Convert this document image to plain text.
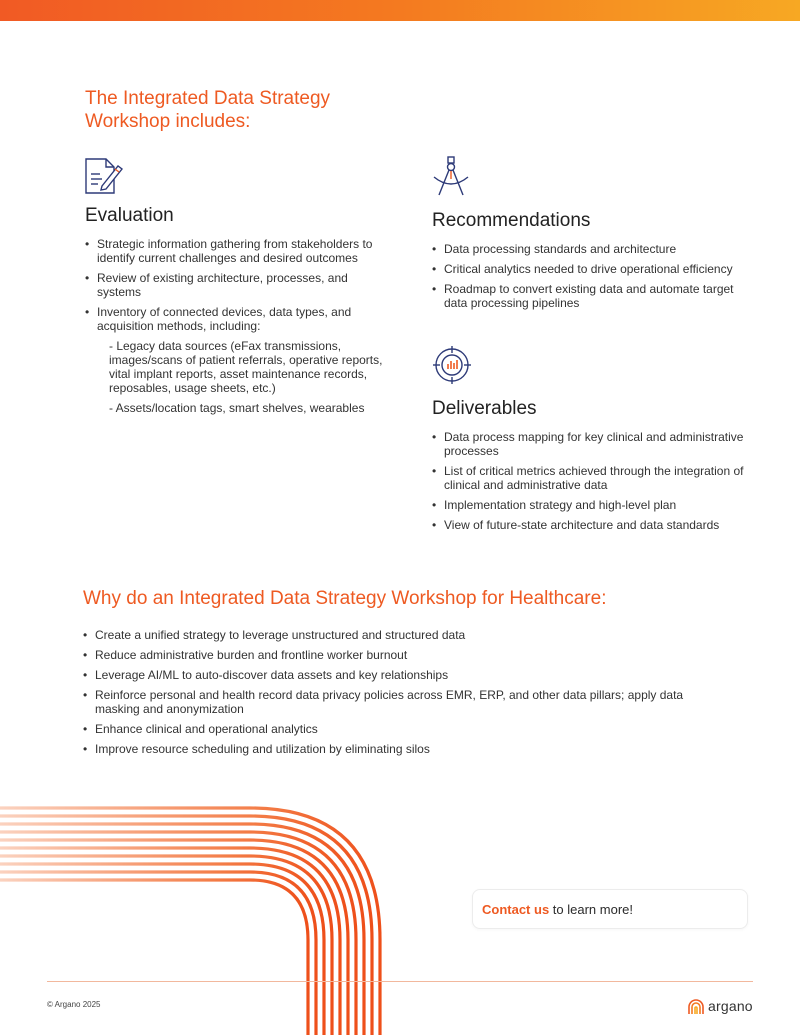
The Integrated Data Strategy
Workshop includes:
Evaluation
• Strategic information gathering from stakeholders to identify current challenges and desired outcomes
• Review of existing architecture, processes, and systems
• Inventory of connected devices, data types, and acquisition methods, including:
- Legacy data sources (eFax transmissions, images/scans of patient referrals, operative reports, vital implant reports, asset maintenance records, reposables, usage sheets, etc.)
- Assets/location tags, smart shelves, wearables
Recommendations
• Data processing standards and architecture
• Critical analytics needed to drive operational efficiency
• Roadmap to convert existing data and automate target data processing pipelines
Deliverables
• Data process mapping for key clinical and administrative processes
• List of critical metrics achieved through the integration of clinical and administrative data
• Implementation strategy and high-level plan
• View of future-state architecture and data standards
Why do an Integrated Data Strategy Workshop for Healthcare:
• Create a unified strategy to leverage unstructured and structured data
• Reduce administrative burden and frontline worker burnout
• Leverage AI/ML to auto-discover data assets and key relationships
• Reinforce personal and health record data privacy policies across EMR, ERP, and other data pillars; apply data masking and anonymization
• Enhance clinical and operational analytics
• Improve resource scheduling and utilization by eliminating silos
Contact us to learn more!
© Argano 2025	argano
